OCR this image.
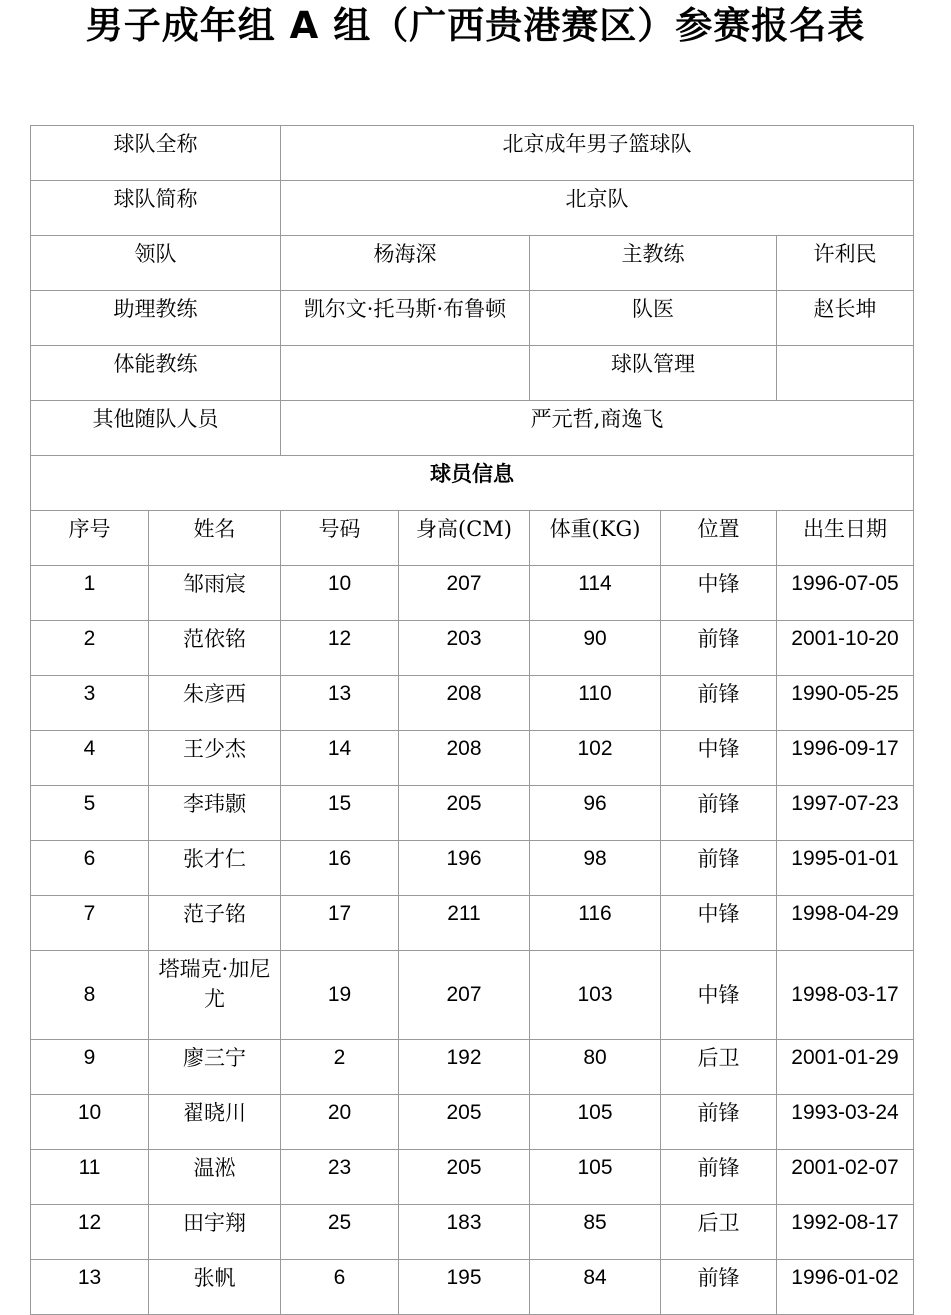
男子成年组 A 组（广西贵港赛区）参赛报名表
球队全称		北京成年男子篮球队				
球队简称		北京队				
领队		杨海深		主教练		许利民
助理教练		凯尔文·托马斯·布鲁顿		队医		赵长坤
体能教练				球队管理		
其他随队人员		严元哲,商逸飞				
球员信息						
序号	姓名	号码	身高(CM)	体重(KG)	位置	出生日期
1	邹雨宸	10	207	114	中锋	1996-07-05
2	范依铭	12	203	90	前锋	2001-10-20
3	朱彦西	13	208	110	前锋	1990-05-25
4	王少杰	14	208	102	中锋	1996-09-17
5	李玮颢	15	205	96	前锋	1997-07-23
6	张才仁	16	196	98	前锋	1995-01-01
7	范子铭	17	211	116	中锋	1998-04-29
8	塔瑞克·加尼尤	19	207	103	中锋	1998-03-17
9	廖三宁	2	192	80	后卫	2001-01-29
10	翟晓川	20	205	105	前锋	1993-03-24
11	温淞	23	205	105	前锋	2001-02-07
12	田宇翔	25	183	85	后卫	1992-08-17
13	张帆	6	195	84	前锋	1996-01-02
